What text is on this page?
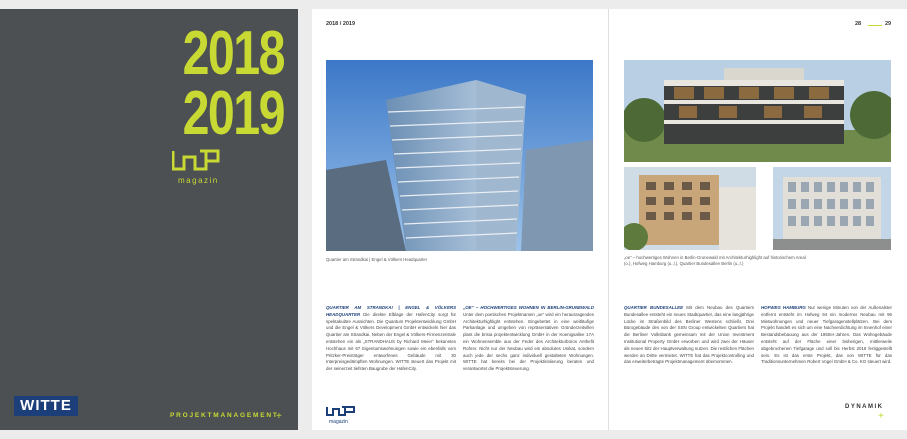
2018
2019
magazin
WITTE
PROJEKTMANAGEMENT
+
2018 / 2019
Quartier am Strandkai | Engel & Völkers Headquarter
QUARTIER AM STRANDKAI | ENGEL & VÖLKERS HEADQUARTER Die direkte Elblage der HafenCity sorgt für spektakuläre Aussichten. Die Quantum Projektentwicklung GmbH und die Engel & Völkers Development GmbH entwickeln hier das Quartier am Strandkai. Neben der Engel & Völkers-Firmenzentrale entstehen ein als „STRANDHAUS by Richard Meier“ bekanntes Hochhaus mit 67 Eigentumswohnungen sowie ein ebenfalls vom Pritzker-Preisträger entworfenes Gebäude mit 30 Interpreisgedämpften Wohnungen. WITTE steuert das Projekt mit der seinerzeit tiefsten Baugrube der HafenCity.
„OE“ – HOCHWERTIGES WOHNEN IN BERLIN-GRUNEWALD Unter dem poetischen Projektnamen „oe“ wird ein herausragendes Architekturhighlight entstehen. Eingebettet in eine weitläufige Parkanlage und umgeben von repräsentativen Gründerzeitvillen plant die brisia projektentwicklung GmbH in der Koenigsallee 17A ein Wohnensemble aus der Feder des Architekturbüros Anthefit Rohrer. Nicht nur der Neubau wird ein absolutes Unikat, sondern auch jede der sechs ganz individuell gestalteten Wohnungen. WITTE hat bereits bei der Projektinitiierung beraten und verantwortet die Projektsteuerung.
magazin
28	29
„oe“ – hochwertiges Wohnen in Berlin-Grunewald mit Architekturhighlight auf historischem Areal (o.), Hofweg Hamburg (u.,l.), Quartier Bundesallee Berlin (u.,r.)
QUARTIER BUNDESALLEE Mit dem Neubau des Quartiers Bundesallee entsteht ein neues Stadtquartier, das eine langjährige Lücke im Straßenbild des Berliner Westens schließt. Drei Bürogebäude des von der SSN Group entwickelten Quartiers hat die Berliner Volksbank gemeinsam mit der Union Investment Institutional Property GmbH erworben und wird zwei der Häuser als neuen Sitz der Hauptverwaltung nutzen. Die restlichen Flächen werden an Dritte vermietet. WITTE hat das Projektcontrolling und das erweiterbetragte Projektmanagement übernommen.
HOFWEG HAMBURG Nur wenige Minuten von der Außenalster entfernt entsteht im Hofweg 94 ein moderner Neubau mit 96 Mietwohnungen und neuer Tiefgaragenstellplätzen. Bei dem Projekt handelt es sich um eine Nachverdichtung im Innenhof einer Bestandsbebauung aus der 1950er-Jahren. Das Wohngebäude entsteht auf der Fläche einer bisherigen, mittlerweile abgebrochenen Tiefgarage und soll bis Herbst 2019 fertiggestellt sein. Es ist das erste Projekt, das von WITTE für das Traditionsunternehmen Robert Vogel GmbH & Co. KG steuert wird.
DYNAMIK
+
